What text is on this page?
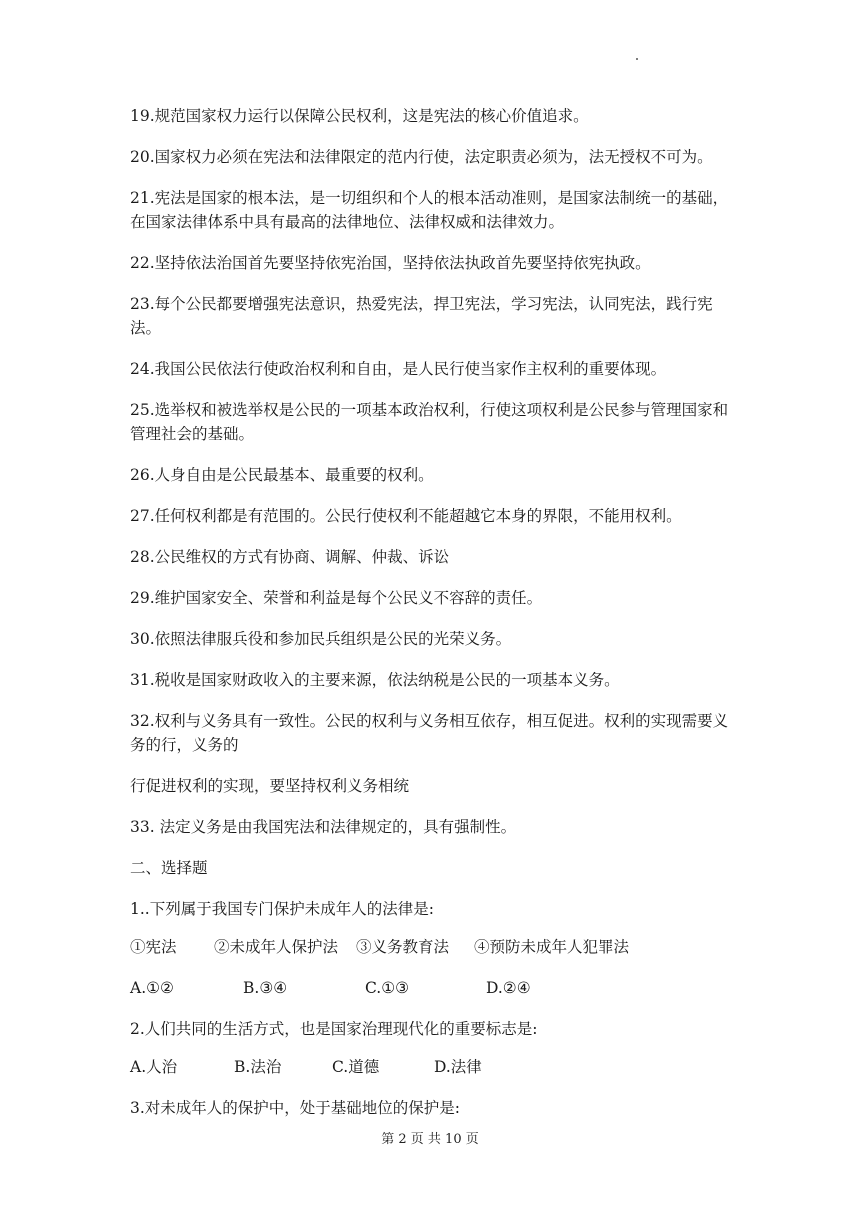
19.规范国家权力运行以保障公民权利，这是宪法的核心价值追求。

20.国家权力必须在宪法和法律限定的范内行使，法定职责必须为，法无授权不可为。

21.宪法是国家的根本法，是一切组织和个人的根本活动准则，是国家法制统一的基础，在国家法律体系中具有最高的法律地位、法律权威和法律效力。

22.坚持依法治国首先要坚持依宪治国，坚持依法执政首先要坚持依宪执政。

23.每个公民都要增强宪法意识，热爱宪法，捍卫宪法，学习宪法，认同宪法，践行宪法。

24.我国公民依法行使政治权利和自由，是人民行使当家作主权利的重要体现。

25.选举权和被选举权是公民的一项基本政治权利，行使这项权利是公民参与管理国家和管理社会的基础。

26.人身自由是公民最基本、最重要的权利。

27.任何权利都是有范围的。公民行使权利不能超越它本身的界限，不能用权利。

28.公民维权的方式有协商、调解、仲裁、诉讼

29.维护国家安全、荣誉和利益是每个公民义不容辞的责任。

30.依照法律服兵役和参加民兵组织是公民的光荣义务。

31.税收是国家财政收入的主要来源，依法纳税是公民的一项基本义务。

32.权利与义务具有一致性。公民的权利与义务相互依存，相互促进。权利的实现需要义务的行，义务的

行促进权利的实现，要坚持权利义务相统

33. 法定义务是由我国宪法和法律规定的，具有强制性。

二、选择题

1..下列属于我国专门保护未成年人的法律是:

①宪法	②未成年人保护法	③义务教育法	④预防未成年人犯罪法
A.①②	B.③④	C.①③	D.②④

2.人们共同的生活方式，也是国家治理现代化的重要标志是:

A.人治	B.法治	C.道德	D.法律

3.对未成年人的保护中，处于基础地位的保护是:

第 2 页 共 10 页
